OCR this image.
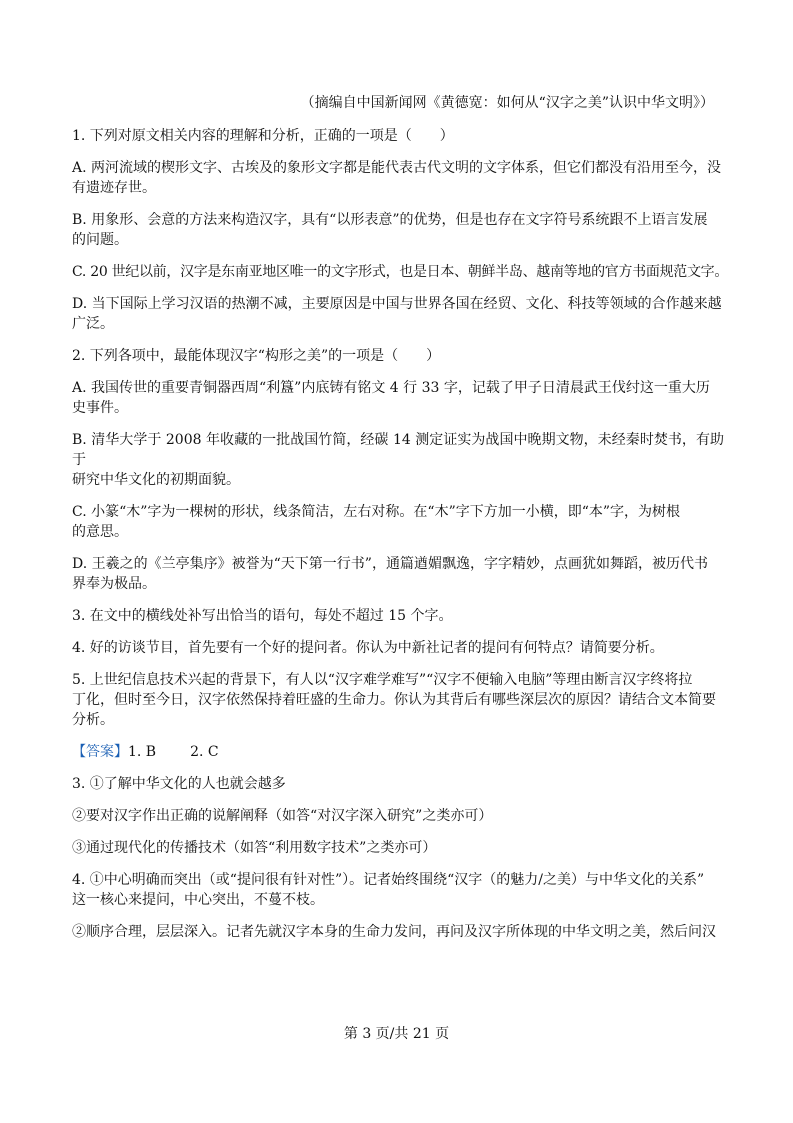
（摘编自中国新闻网《黄德宽：如何从“汉字之美”认识中华文明》）
1. 下列对原文相关内容的理解和分析，正确的一项是（　　）
A. 两河流域的楔形文字、古埃及的象形文字都是能代表古代文明的文字体系，但它们都没有沿用至今，没
有遗迹存世。
B. 用象形、会意的方法来构造汉字，具有“以形表意”的优势，但是也存在文字符号系统跟不上语言发展
的问题。
C. 20 世纪以前，汉字是东南亚地区唯一的文字形式，也是日本、朝鲜半岛、越南等地的官方书面规范文字。
D. 当下国际上学习汉语的热潮不减，主要原因是中国与世界各国在经贸、文化、科技等领域的合作越来越
广泛。
2. 下列各项中，最能体现汉字“构形之美”的一项是（　　）
A. 我国传世的重要青铜器西周“利簋”内底铸有铭文 4 行 33 字，记载了甲子日清晨武王伐纣这一重大历
史事件。
B. 清华大学于 2008 年收藏的一批战国竹简，经碳 14 测定证实为战国中晚期文物，未经秦时焚书，有助于
研究中华文化的初期面貌。
C. 小篆“木”字为一棵树的形状，线条简洁，左右对称。在“木”字下方加一小横，即“本”字，为树根
的意思。
D. 王羲之的《兰亭集序》被誉为“天下第一行书”，通篇遒媚飘逸，字字精妙，点画犹如舞蹈，被历代书
界奉为极品。
3. 在文中的横线处补写出恰当的语句，每处不超过 15 个字。
4. 好的访谈节目，首先要有一个好的提问者。你认为中新社记者的提问有何特点？请简要分析。
5. 上世纪信息技术兴起的背景下，有人以“汉字难学难写”“汉字不便输入电脑”等理由断言汉字终将拉
丁化，但时至今日，汉字依然保持着旺盛的生命力。你认为其背后有哪些深层次的原因？请结合文本简要
分析。
【答案】1. B 2. C
3. ①了解中华文化的人也就会越多
②要对汉字作出正确的说解阐释（如答“对汉字深入研究”之类亦可）
③通过现代化的传播技术（如答“利用数字技术”之类亦可）
4. ①中心明确而突出（或“提问很有针对性”）。记者始终围绕“汉字（的魅力/之美）与中华文化的关系”
这一核心来提问，中心突出，不蔓不枝。
②顺序合理，层层深入。记者先就汉字本身的生命力发问，再问及汉字所体现的中华文明之美，然后问汉
第 3 页/共 21 页
